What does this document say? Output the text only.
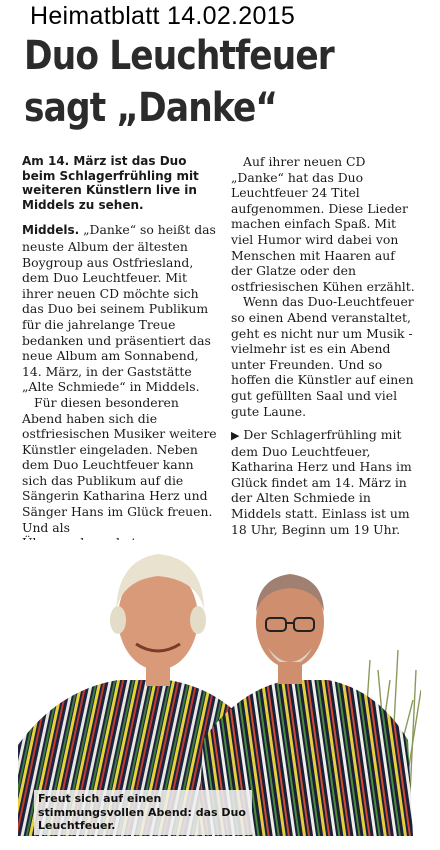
Heimatblatt 14.02.2015
Duo Leuchtfeuer
sagt „Danke“

Am 14. März ist das Duo beim Schlagerfrühling mit weiteren Künstlern live in Middels zu sehen.

Middels. „Danke“ so heißt das neuste Album der ältesten Boygroup aus Ostfriesland, dem Duo Leuchtfeuer. Mit ihrer neuen CD möchte sich das Duo bei seinem Publikum für die jahrelange Treue bedanken und präsentiert das neue Album am Sonnabend, 14. März, in der Gaststätte „Alte Schmiede“ in Middels.

Für diesen besonderen Abend haben sich die ostfriesischen Musiker weitere Künstler eingeladen. Neben dem Duo Leuchtfeuer kann sich das Publikum auf die Sängerin Katharina Herz und Sänger Hans im Glück freuen. Und als

Auf ihrer neuen CD „Danke“ hat das Duo Leuchtfeuer 24 Titel aufgenommen. Diese Lieder machen einfach Spaß. Mit viel Humor wird dabei von Menschen mit Haaren auf der Glatze oder den ostfriesischen Kühen erzählt.

Wenn das Duo-Leuchtfeuer so einen Abend veranstaltet, geht es nicht nur um Musik - vielmehr ist es ein Abend unter Freunden. Und so hoffen die Künstler auf einen gut gefüllten Saal und viel gute Laune.

▶ Der Schlagerfrühling mit dem Duo Leuchtfeuer, Katharina Herz und Hans im Glück findet am 14. März in der Alten Schmiede in Middels statt. Einlass ist um 18 Uhr, Beginn um 19 Uhr.

Freut sich auf einen stimmungsvollen Abend: das Duo Leuchtfeuer.
